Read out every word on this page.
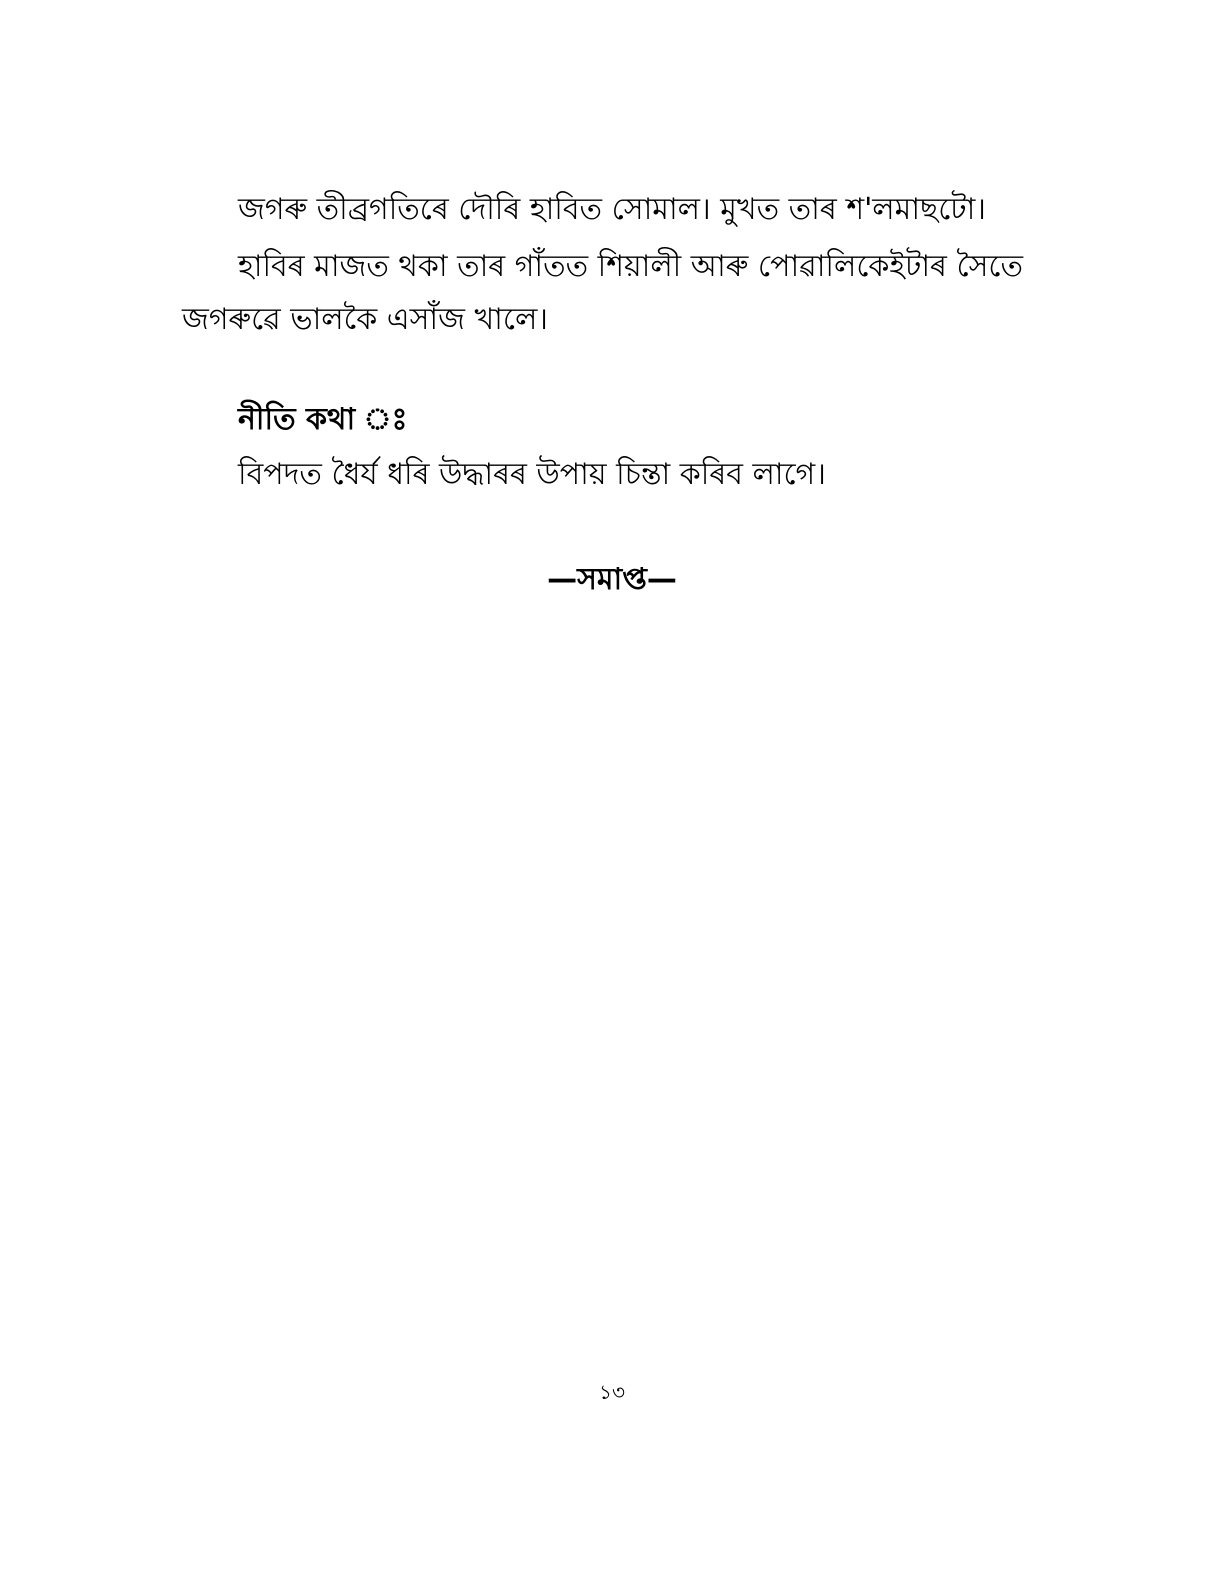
জগৰু তীব্ৰগতিৰে দৌৰি হাবিত সোমাল। মুখত তাৰ শ'লমাছটো।
হাবিৰ মাজত থকা তাৰ গাঁতত শিয়ালী আৰু পোৱালিকেইটাৰ সৈতে
জগৰুৱে ভালকৈ এসাঁজ খালে।
নীতি কথা ঃ
বিপদত ধৈৰ্য ধৰি উদ্ধাৰৰ উপায় চিন্তা কৰিব লাগে।
—সমাপ্ত—
১৩
